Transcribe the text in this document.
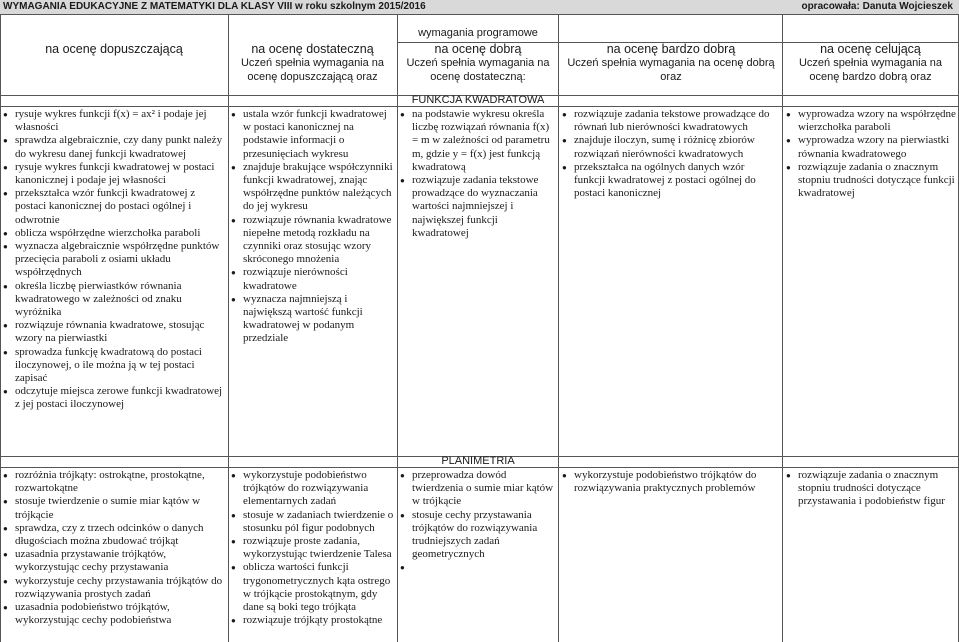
WYMAGANIA EDUKACYJNE Z MATEMATYKI DLA KLASY VIII w roku szkolnym 2015/2016	opracowała: Danuta Wojcieszek
wymagania programowe
na ocenę dopuszczającą	na ocenę dostateczną
Uczeń spełnia wymagania na ocenę dopuszczającą oraz
na ocenę dobrą
Uczeń spełnia wymagania na ocenę dostateczną:
na ocenę bardzo dobrą
Uczeń spełnia wymagania na ocenę dobrą oraz
na ocenę celującą
Uczeń spełnia wymagania na ocenę bardzo dobrą oraz
FUNKCJA KWADRATOWA
PLANIMETRIA
● rysuje wykres funkcji f(x) = ax² i podaje jej własności
● sprawdza algebraicznie, czy dany punkt należy do wykresu danej funkcji kwadratowej
● rysuje wykres funkcji kwadratowej w postaci kanonicznej i podaje jej własności
● przekształca wzór funkcji kwadratowej z postaci kanonicznej do postaci ogólnej i odwrotnie
● oblicza współrzędne wierzchołka paraboli
● wyznacza algebraicznie współrzędne punktów przecięcia paraboli z osiami układu współrzędnych
● określa liczbę pierwiastków równania kwadratowego w zależności od znaku wyróżnika
● rozwiązuje równania kwadratowe, stosując wzory na pierwiastki
● sprowadza funkcję kwadratową do postaci iloczynowej, o ile można ją w tej postaci zapisać
● odczytuje miejsca zerowe funkcji kwadratowej z jej postaci iloczynowej
● ustala wzór funkcji kwadratowej w postaci kanonicznej na podstawie informacji o przesunięciach wykresu
● znajduje brakujące współczynniki funkcji kwadratowej, znając współrzędne punktów należących do jej wykresu
● rozwiązuje równania kwadratowe niepełne metodą rozkładu na czynniki oraz stosując wzory skróconego mnożenia
● rozwiązuje nierówności kwadratowe
● wyznacza najmniejszą i największą wartość funkcji kwadratowej w podanym przedziale
● na podstawie wykresu określa liczbę rozwiązań równania f(x) = m w zależności od parametru m, gdzie y = f(x) jest funkcją kwadratową
● rozwiązuje zadania tekstowe prowadzące do wyznaczania wartości najmniejszej i największej funkcji kwadratowej
● rozwiązuje zadania tekstowe prowadzące do równań lub nierówności kwadratowych
● znajduje iloczyn, sumę i różnicę zbiorów rozwiązań nierówności kwadratowych
● przekształca na ogólnych danych wzór funkcji kwadratowej z postaci ogólnej do postaci kanonicznej
● wyprowadza wzory na współrzędne wierzchołka paraboli
● wyprowadza wzory na pierwiastki równania kwadratowego
● rozwiązuje zadania o znacznym stopniu trudności dotyczące funkcji kwadratowej
● rozróżnia trójkąty: ostrokątne, prostokątne, rozwartokątne
● stosuje twierdzenie o sumie miar kątów w trójkącie
● sprawdza, czy z trzech odcinków o danych długościach można zbudować trójkąt
● uzasadnia przystawanie trójkątów, wykorzystując cechy przystawania
● wykorzystuje cechy przystawania trójkątów do rozwiązywania prostych zadań
● uzasadnia podobieństwo trójkątów, wykorzystując cechy podobieństwa
● wykorzystuje podobieństwo trójkątów do rozwiązywania elementarnych zadań
● stosuje w zadaniach twierdzenie o stosunku pól figur podobnych
● rozwiązuje proste zadania, wykorzystując twierdzenie Talesa
● oblicza wartości funkcji trygonometrycznych kąta ostrego w trójkącie prostokątnym, gdy dane są boki tego trójkąta
● rozwiązuje trójkąty prostokątne
● przeprowadza dowód twierdzenia o sumie miar kątów w trójkącie
● stosuje cechy przystawania trójkątów do rozwiązywania trudniejszych zadań geometrycznych
●
● wykorzystuje podobieństwo trójkątów do rozwiązywania praktycznych problemów
● rozwiązuje zadania o znacznym stopniu trudności dotyczące przystawania i podobieństw figur
